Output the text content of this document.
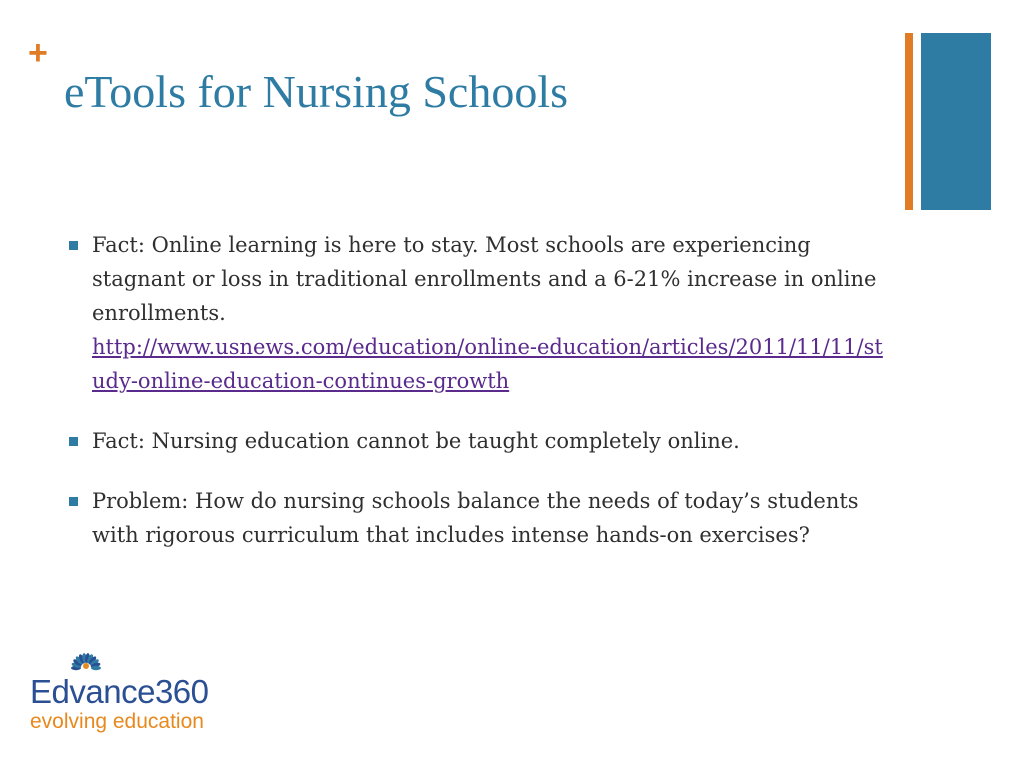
+
eTools for Nursing Schools
Fact: Online learning is here to stay. Most schools are experiencing stagnant or loss in traditional enrollments and a 6-21% increase in online enrollments.
http://www.usnews.com/education/online-education/articles/2011/11/11/study-online-education-continues-growth
Fact: Nursing education cannot be taught completely online.
Problem: How do nursing schools balance the needs of today’s students with rigorous curriculum that includes intense hands-on exercises?
Edvance360
evolving education
